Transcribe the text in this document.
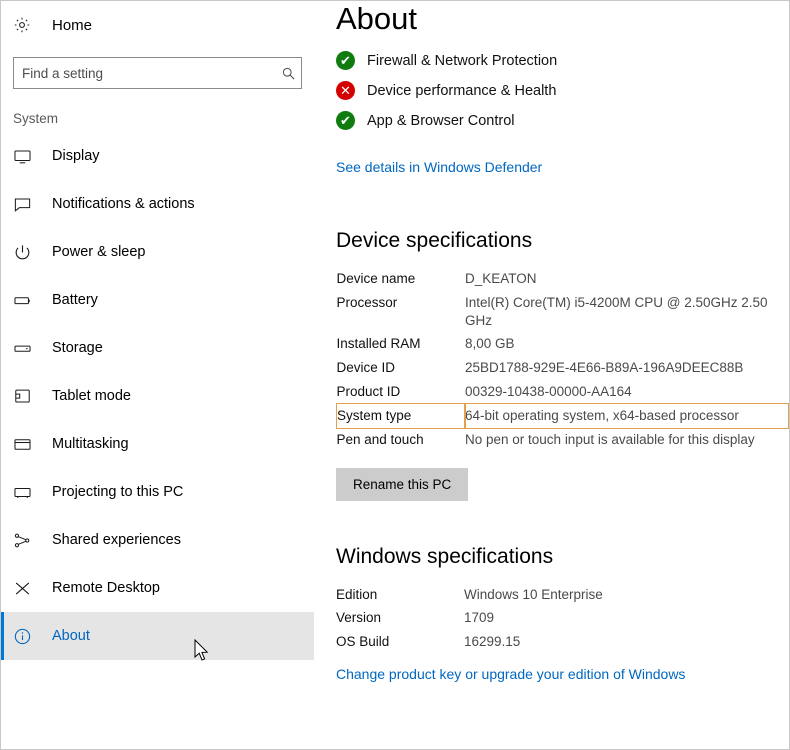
Home
Find a setting
System
Display
Notifications & actions
Power & sleep
Battery
Storage
Tablet mode
Multitasking
Projecting to this PC
Shared experiences
Remote Desktop
About
About
✔ Firewall & Network Protection
✕ Device performance & Health
✔ App & Browser Control
See details in Windows Defender
Device specifications
Device name	D_KEATON
Processor	Intel(R) Core(TM) i5-4200M CPU @ 2.50GHz 2.50 GHz
Installed RAM	8,00 GB
Device ID	25BD1788-929E-4E66-B89A-196A9DEEC88B
Product ID	00329-10438-00000-AA164
System type	64-bit operating system, x64-based processor
Pen and touch	No pen or touch input is available for this display
Rename this PC
Windows specifications
Edition	Windows 10 Enterprise
Version	1709
OS Build	16299.15
Change product key or upgrade your edition of Windows
